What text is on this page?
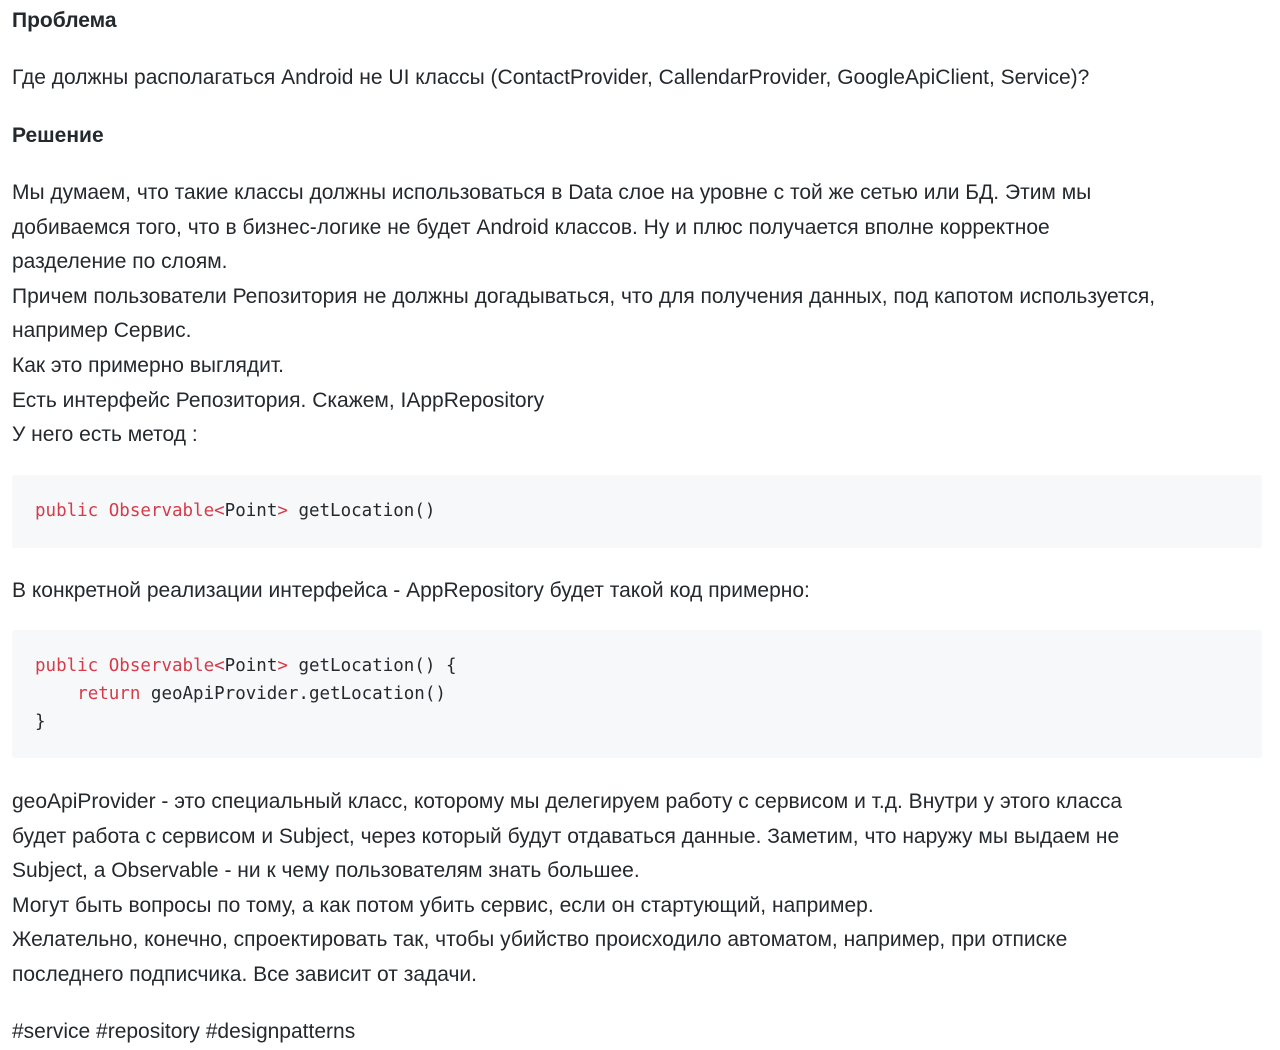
Проблема

Где должны располагаться Android не UI классы (ContactProvider, CallendarProvider, GoogleApiClient, Service)?

Решение

Мы думаем, что такие классы должны использоваться в Data слое на уровне с той же сетью или БД. Этим мы
добиваемся того, что в бизнес-логике не будет Android классов. Ну и плюс получается вполне корректное
разделение по слоям.
Причем пользователи Репозитория не должны догадываться, что для получения данных, под капотом используется,
например Сервис.
Как это примерно выглядит.
Есть интерфейс Репозитория. Скажем, IAppRepository
У него есть метод :

public Observable<Point> getLocation()

В конкретной реализации интерфейса - AppRepository будет такой код примерно:

public Observable<Point> getLocation() {
return geoApiProvider.getLocation()
}

geoApiProvider - это специальный класс, которому мы делегируем работу с сервисом и т.д. Внутри у этого класса
будет работа с сервисом и Subject, через который будут отдаваться данные. Заметим, что наружу мы выдаем не
Subject, а Observable - ни к чему пользователям знать большее.
Могут быть вопросы по тому, а как потом убить сервис, если он стартующий, например.
Желательно, конечно, спроектировать так, чтобы убийство происходило автоматом, например, при отписке
последнего подписчика. Все зависит от задачи.

#service #repository #designpatterns
